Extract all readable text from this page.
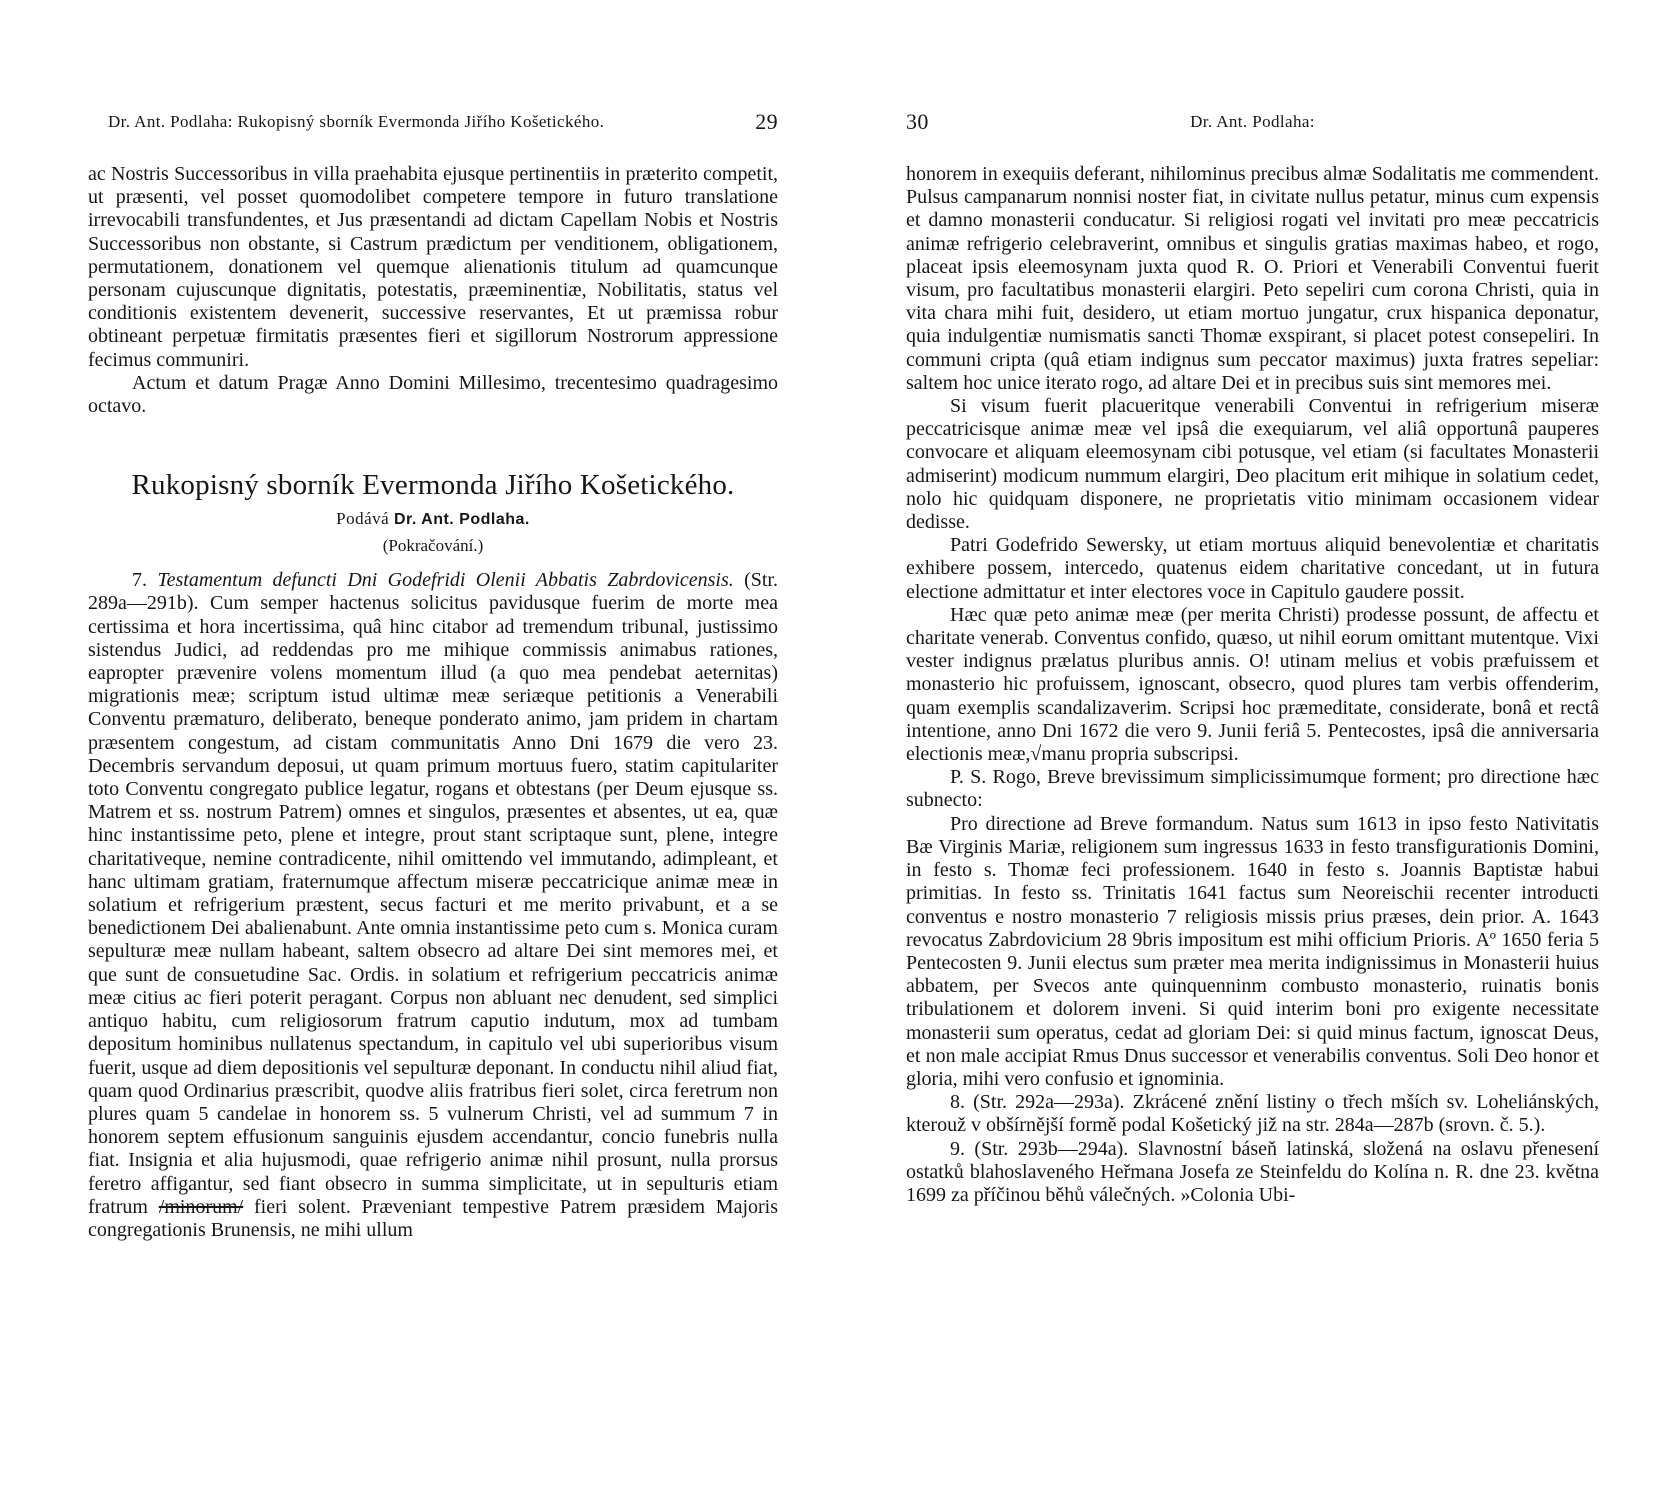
Dr. Ant. Podlaha: Rukopisný sborník Evermonda Jiřího Košetického.	29

ac Nostris Successoribus in villa praehabita ejusque pertinentiis in præterito competit, ut præsenti, vel posset quomodolibet competere tempore in futuro translatione irrevocabili transfundentes, et Jus præsentandi ad dictam Capellam Nobis et Nostris Successoribus non obstante, si Castrum prædictum per venditionem, obligationem, permutationem, donationem vel quemque alienationis titulum ad quamcunque personam cujuscunque dignitatis, potestatis, præeminentiæ, Nobilitatis, status vel conditionis existentem devenerit, successive reservantes, Et ut præmissa robur obtineant perpetuæ firmitatis præsentes fieri et sigillorum Nostrorum appressione fecimus communiri.

Actum et datum Pragæ Anno Domini Millesimo, trecentesimo quadragesimo octavo.

Rukopisný sborník Evermonda Jiřího Košetického.
Podává Dr. Ant. Podlaha.
(Pokračování.)

7. Testamentum defuncti Dni Godefridi Olenii Abbatis Zabrdovicensis. (Str. 289a—291b). Cum semper hactenus solicitus pavidusque fuerim de morte mea certissima et hora incertissima, quâ hinc citabor ad tremendum tribunal, justissimo sistendus Judici, ad reddendas pro me mihique commissis animabus rationes, eapropter prævenire volens momentum illud (a quo mea pendebat aeternitas) migrationis meæ; scriptum istud ultimæ meæ seriæque petitionis a Venerabili Conventu præmaturo, deliberato, beneque ponderato animo, jam pridem in chartam præsentem congestum, ad cistam communitatis Anno Dni 1679 die vero 23. Decembris servandum deposui, ut quam primum mortuus fuero, statim capitulariter toto Conventu congregato publice legatur, rogans et obtestans (per Deum ejusque ss. Matrem et ss. nostrum Patrem) omnes et singulos, præsentes et absentes, ut ea, quæ hinc instantissime peto, plene et integre, prout stant scriptaque sunt, plene, integre charitativeque, nemine contradicente, nihil omittendo vel immutando, adimpleant, et hanc ultimam gratiam, fraternumque affectum miseræ peccatricique animæ meæ in solatium et refrigerium præstent, secus facturi et me merito privabunt, et a se benedictionem Dei abalienabunt. Ante omnia instantissime peto cum s. Monica curam sepulturæ meæ nullam habeant, saltem obsecro ad altare Dei sint memores mei, et que sunt de consuetudine Sac. Ordis. in solatium et refrigerium peccatricis animæ meæ citius ac fieri poterit peragant. Corpus non abluant nec denudent, sed simplici antiquo habitu, cum religiosorum fratrum caputio indutum, mox ad tumbam depositum hominibus nullatenus spectandum, in capitulo vel ubi superioribus visum fuerit, usque ad diem depositionis vel sepulturæ deponant. In conductu nihil aliud fiat, quam quod Ordinarius præscribit, quodve aliis fratribus fieri solet, circa feretrum non plures quam 5 candelae in honorem ss. 5 vulnerum Christi, vel ad summum 7 in honorem septem effusionum sanguinis ejusdem accendantur, concio funebris nulla fiat. Insignia et alia hujusmodi, quae refrigerio animæ nihil prosunt, nulla prorsus feretro affigantur, sed fiant obsecro in summa simplicitate, ut in sepulturis etiam fratrum /minorum/ fieri solent. Præveniant tempestive Patrem præsidem Majoris congregationis Brunensis, ne mihi ullum

30	Dr. Ant. Podlaha:

honorem in exequiis deferant, nihilominus precibus almæ Sodalitatis me commendent. Pulsus campanarum nonnisi noster fiat, in civitate nullus petatur, minus cum expensis et damno monasterii conducatur. Si religiosi rogati vel invitati pro meæ peccatricis animæ refrigerio celebraverint, omnibus et singulis gratias maximas habeo, et rogo, placeat ipsis eleemosynam juxta quod R. O. Priori et Venerabili Conventui fuerit visum, pro facultatibus monasterii elargiri. Peto sepeliri cum corona Christi, quia in vita chara mihi fuit, desidero, ut etiam mortuo jungatur, crux hispanica deponatur, quia indulgentiæ numismatis sancti Thomæ exspirant, si placet potest consepeliri. In communi cripta (quâ etiam indignus sum peccator maximus) juxta fratres sepeliar: saltem hoc unice iterato rogo, ad altare Dei et in precibus suis sint memores mei.

Si visum fuerit placueritque venerabili Conventui in refrigerium miseræ peccatricisque animæ meæ vel ipsâ die exequiarum, vel aliâ opportunâ pauperes convocare et aliquam eleemosynam cibi potusque, vel etiam (si facultates Monasterii admiserint) modicum nummum elargiri, Deo placitum erit mihique in solatium cedet, nolo hic quidquam disponere, ne proprietatis vitio minimam occasionem videar dedisse.

Patri Godefrido Sewersky, ut etiam mortuus aliquid benevolentiæ et charitatis exhibere possem, intercedo, quatenus eidem charitative concedant, ut in futura electione admittatur et inter electores voce in Capitulo gaudere possit.

Hæc quæ peto animæ meæ (per merita Christi) prodesse possunt, de affectu et charitate venerab. Conventus confido, quæso, ut nihil eorum omittant mutentque. Vixi vester indignus prælatus pluribus annis. O! utinam melius et vobis præfuissem et monasterio hic profuissem, ignoscant, obsecro, quod plures tam verbis offenderim, quam exemplis scandalizaverim. Scripsi hoc præmeditate, considerate, bonâ et rectâ intentione, anno Dni 1672 die vero 9. Junii feriâ 5. Pentecostes, ipsâ die anniversaria electionis meæ,√manu propria subscripsi.

P. S. Rogo, Breve brevissimum simplicissimumque forment; pro directione hæc subnecto:

Pro directione ad Breve formandum. Natus sum 1613 in ipso festo Nativitatis Bæ Virginis Mariæ, religionem sum ingressus 1633 in festo transfigurationis Domini, in festo s. Thomæ feci professionem. 1640 in festo s. Joannis Baptistæ habui primitias. In festo ss. Trinitatis 1641 factus sum Neoreischii recenter introducti conventus e nostro monasterio 7 religiosis missis prius præses, dein prior. A. 1643 revocatus Zabrdovicium 28 9bris impositum est mihi officium Prioris. Aº 1650 feria 5 Pentecosten 9. Junii electus sum præter mea merita indignissimus in Monasterii huius abbatem, per Svecos ante quinquenninm combusto monasterio, ruinatis bonis tribulationem et dolorem inveni. Si quid interim boni pro exigente necessitate monasterii sum operatus, cedat ad gloriam Dei: si quid minus factum, ignoscat Deus, et non male accipiat Rmus Dnus successor et venerabilis conventus. Soli Deo honor et gloria, mihi vero confusio et ignominia.

8. (Str. 292a—293a). Zkrácené znění listiny o třech mších sv. Loheliánských, kterouž v obšírnější formě podal Košetický již na str. 284a—287b (srovn. č. 5.).

9. (Str. 293b—294a). Slavnostní báseň latinská, složená na oslavu přenesení ostatků blahoslaveného Heřmana Josefa ze Steinfeldu do Kolína n. R. dne 23. května 1699 za příčinou běhů válečných. »Colonia Ubi-
